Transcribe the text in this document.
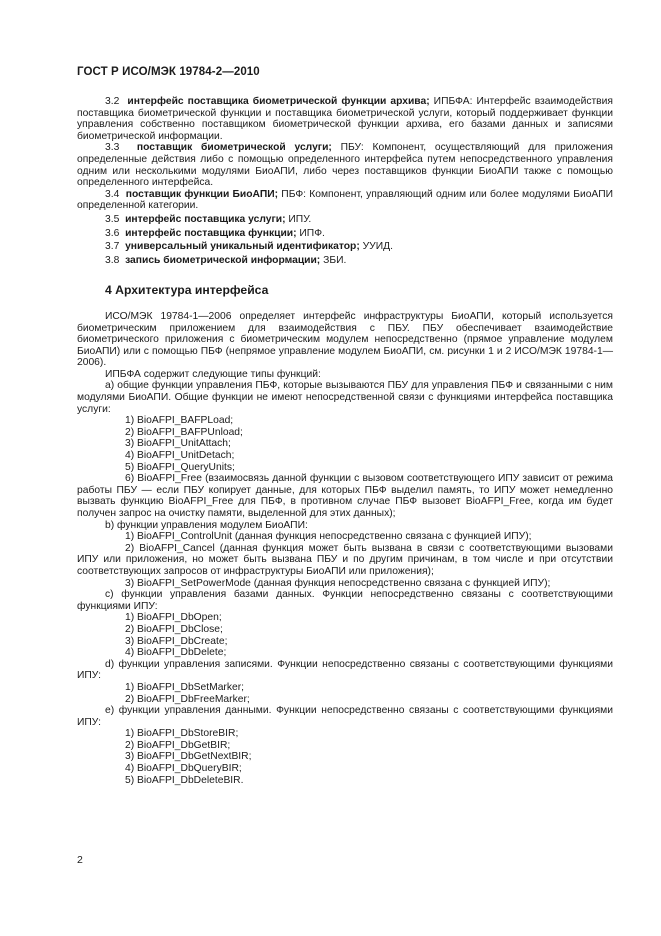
ГОСТ Р ИСО/МЭК 19784-2—2010

3.2 интерфейс поставщика биометрической функции архива; ИПБФА: Интерфейс взаимодействия поставщика биометрической функции и поставщика биометрической услуги, который поддерживает функции управления собственно поставщиком биометрической функции архива, его базами данных и записями биометрической информации.

3.3 поставщик биометрической услуги; ПБУ: Компонент, осуществляющий для приложения определенные действия либо с помощью определенного интерфейса путем непосредственного управления одним или несколькими модулями БиоАПИ, либо через поставщиков функции БиоАПИ также с помощью определенного интерфейса.

3.4 поставщик функции БиоАПИ; ПБФ: Компонент, управляющий одним или более модулями БиоАПИ определенной категории.

3.5 интерфейс поставщика услуги; ИПУ.

3.6 интерфейс поставщика функции; ИПФ.

3.7 универсальный уникальный идентификатор; УУИД.

3.8 запись биометрической информации; ЗБИ.

4 Архитектура интерфейса

ИСО/МЭК 19784-1—2006 определяет интерфейс инфраструктуры БиоАПИ, который используется биометрическим приложением для взаимодействия с ПБУ. ПБУ обеспечивает взаимодействие биометрического приложения с биометрическим модулем непосредственно (прямое управление модулем БиоАПИ) или с помощью ПБФ (непрямое управление модулем БиоАПИ, см. рисунки 1 и 2 ИСО/МЭК 19784-1—2006).

ИПБФА содержит следующие типы функций:

a) общие функции управления ПБФ, которые вызываются ПБУ для управления ПБФ и связанными с ним модулями БиоАПИ. Общие функции не имеют непосредственной связи с функциями интерфейса поставщика услуги:

1) BioAFPI_BAFPLoad;

2) BioAFPI_BAFPUnload;

3) BioAFPI_UnitAttach;

4) BioAFPI_UnitDetach;

5) BioAFPI_QueryUnits;

6) BioAFPI_Free (взаимосвязь данной функции с вызовом соответствующего ИПУ зависит от режима работы ПБУ — если ПБУ копирует данные, для которых ПБФ выделил память, то ИПУ может немедленно вызвать функцию BioAFPI_Free для ПБФ, в противном случае ПБФ вызовет BioAFPI_Free, когда им будет получен запрос на очистку памяти, выделенной для этих данных);

b) функции управления модулем БиоАПИ:

1) BioAFPI_ControlUnit (данная функция непосредственно связана с функцией ИПУ);

2) BioAFPI_Cancel (данная функция может быть вызвана в связи с соответствующими вызовами ИПУ или приложения, но может быть вызвана ПБУ и по другим причинам, в том числе и при отсутствии соответствующих запросов от инфраструктуры БиоАПИ или приложения);

3) BioAFPI_SetPowerMode (данная функция непосредственно связана с функцией ИПУ);

c) функции управления базами данных. Функции непосредственно связаны с соответствующими функциями ИПУ:

1) BioAFPI_DbOpen;

2) BioAFPI_DbClose;

3) BioAFPI_DbCreate;

4) BioAFPI_DbDelete;

d) функции управления записями. Функции непосредственно связаны с соответствующими функциями ИПУ:

1) BioAFPI_DbSetMarker;

2) BioAFPI_DbFreeMarker;

e) функции управления данными. Функции непосредственно связаны с соответствующими функциями ИПУ:

1) BioAFPI_DbStoreBIR;

2) BioAFPI_DbGetBIR;

3) BioAFPI_DbGetNextBIR;

4) BioAFPI_DbQueryBIR;

5) BioAFPI_DbDeleteBIR.

2
